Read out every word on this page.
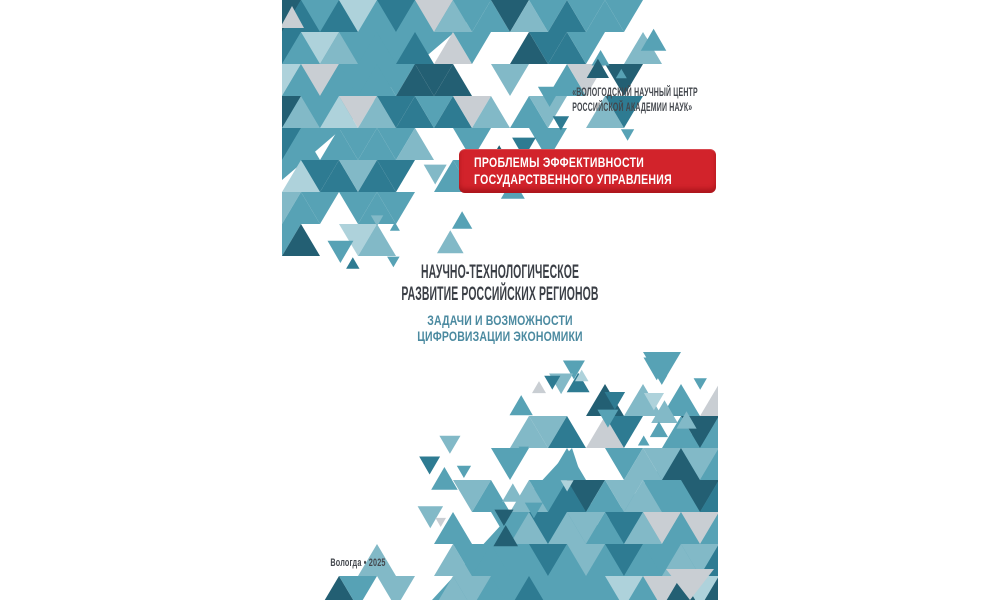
«ВОЛОГОДСКИЙ НАУЧНЫЙ ЦЕНТР
РОССИЙСКОЙ АКАДЕМИИ НАУК»
ПРОБЛЕМЫ ЭФФЕКТИВНОСТИ
ГОСУДАРСТВЕННОГО УПРАВЛЕНИЯ
НАУЧНО-ТЕХНОЛОГИЧЕСКОЕ
РАЗВИТИЕ РОССИЙСКИХ РЕГИОНОВ
ЗАДАЧИ И ВОЗМОЖНОСТИ
ЦИФРОВИЗАЦИИ ЭКОНОМИКИ
Вологда • 2025
